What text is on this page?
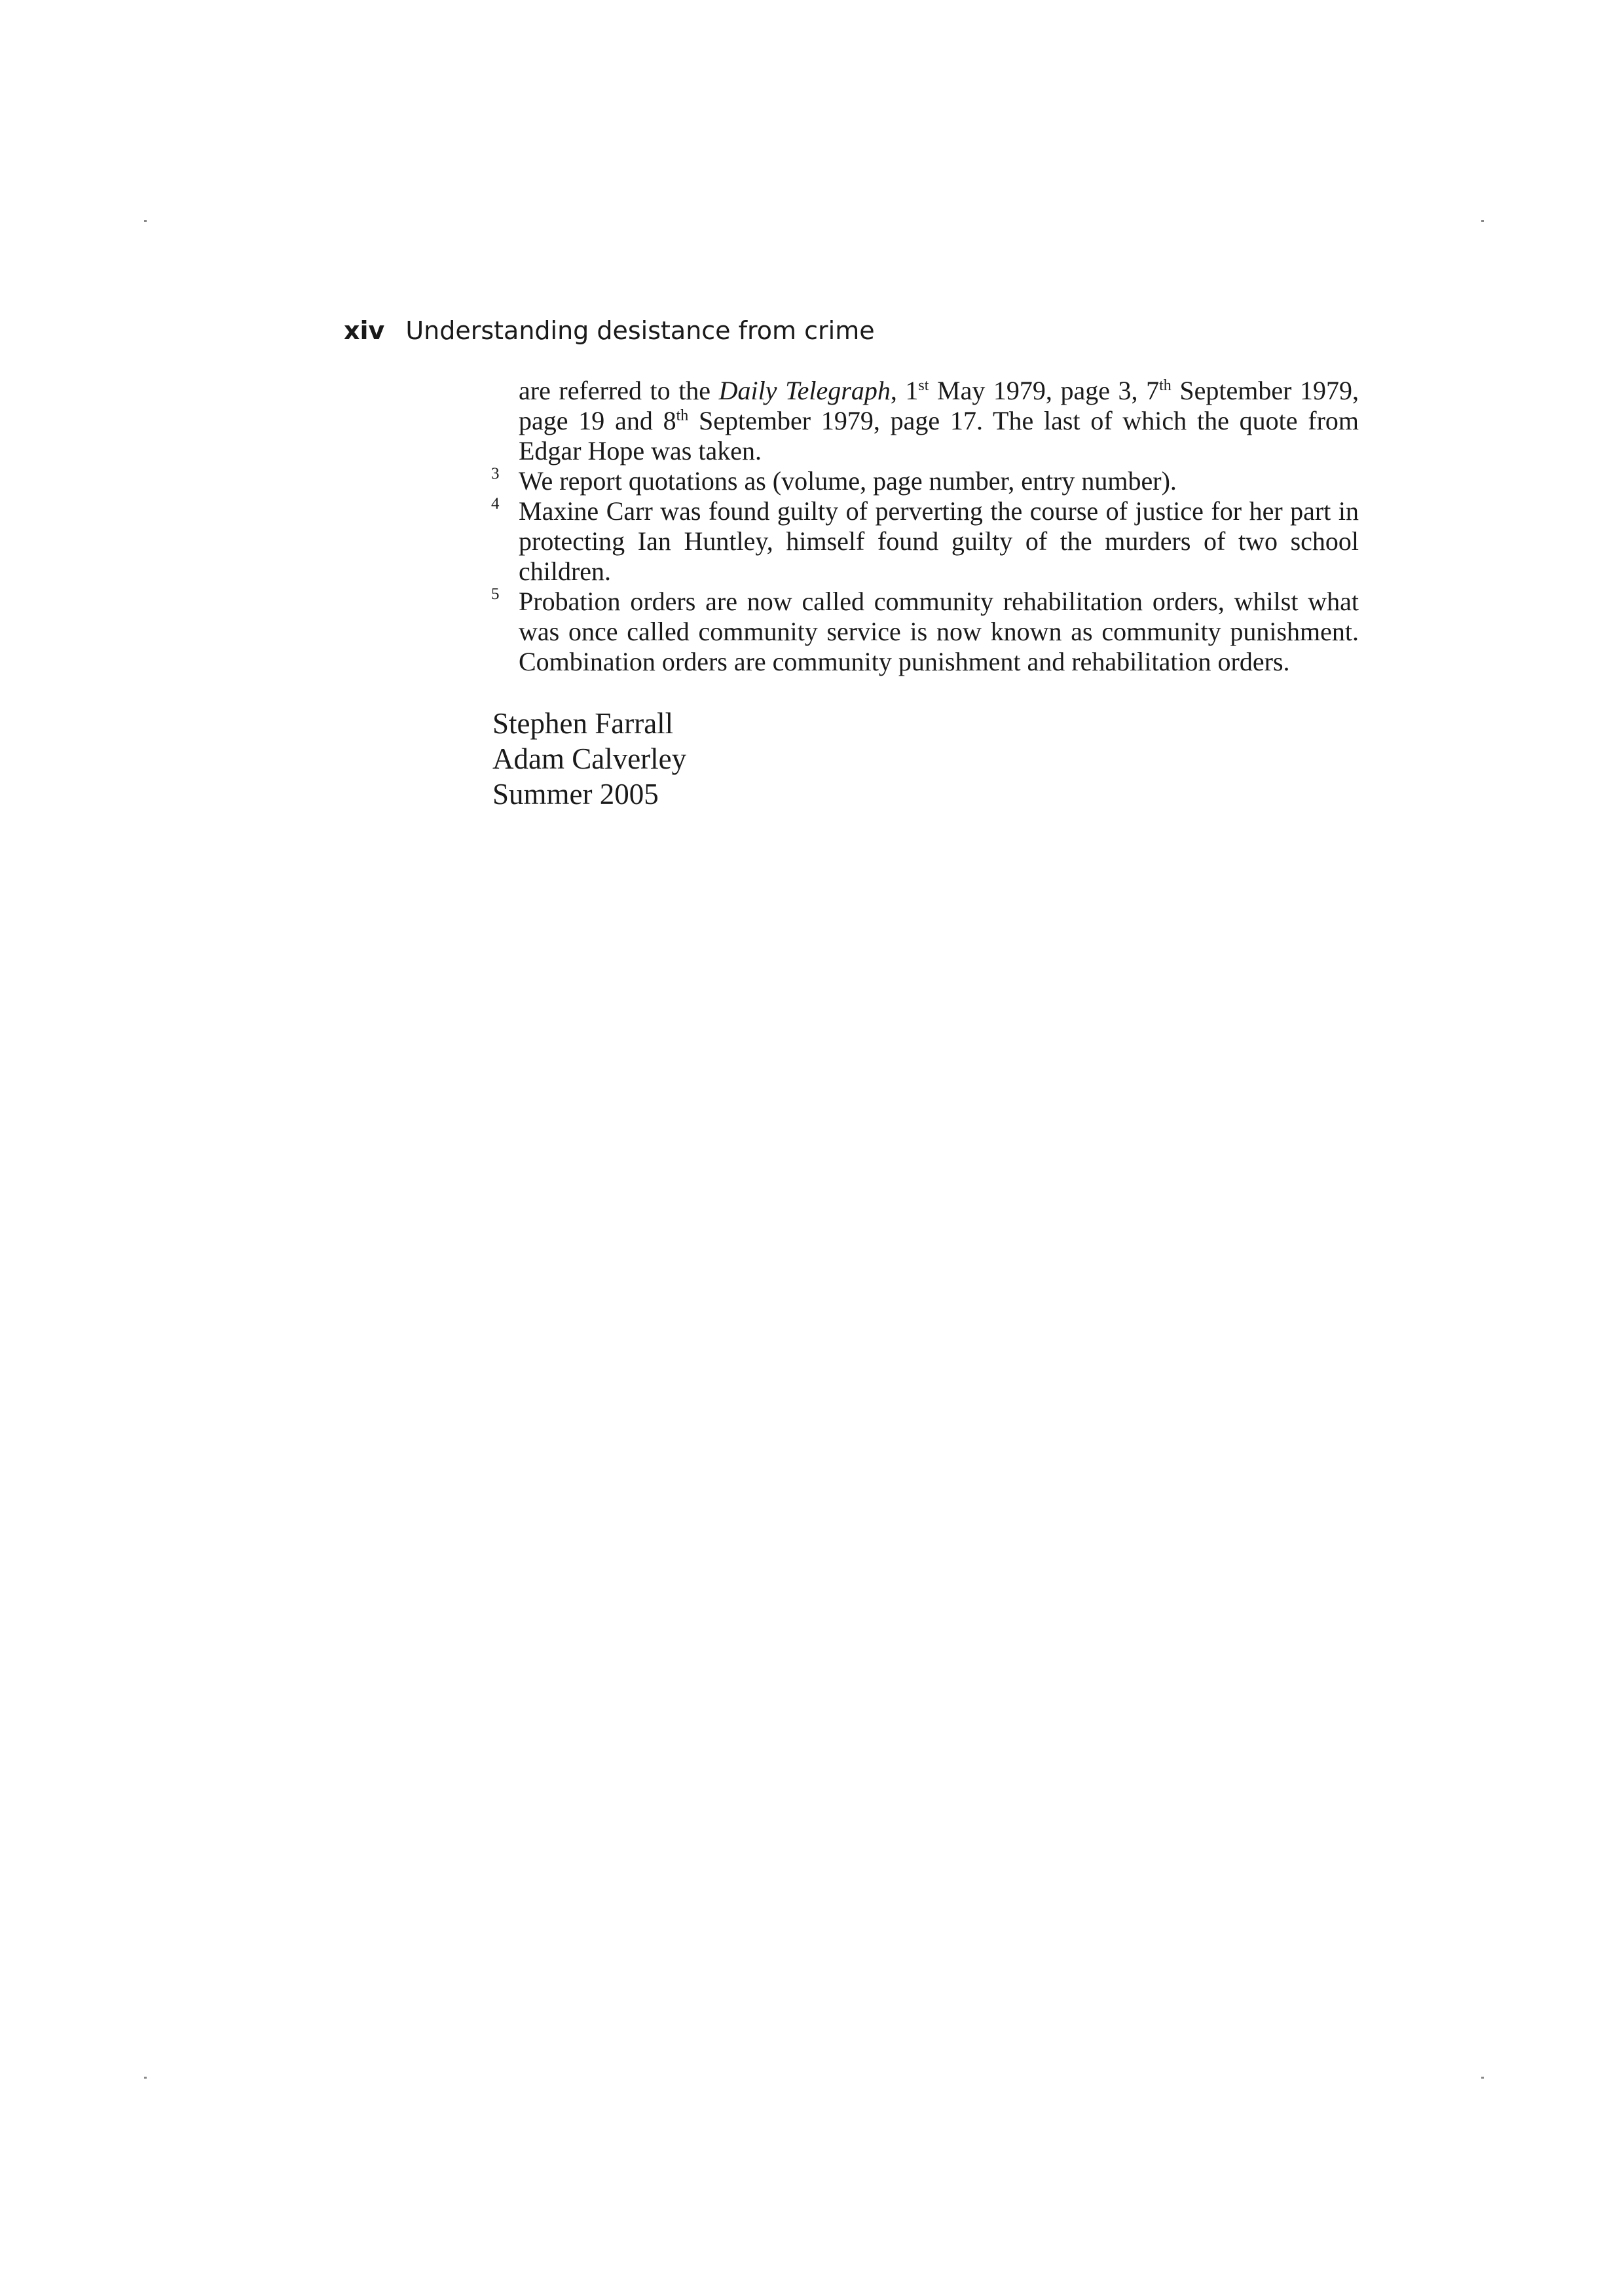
xiv Understanding desistance from crime
are referred to the Daily Telegraph, 1st May 1979, page 3, 7th September 1979, page 19 and 8th September 1979, page 17. The last of which the quote from Edgar Hope was taken.
3 We report quotations as (volume, page number, entry number).
4 Maxine Carr was found guilty of perverting the course of justice for her part in protecting Ian Huntley, himself found guilty of the murders of two school children.
5 Probation orders are now called community rehabilitation orders, whilst what was once called community service is now known as community punishment. Combination orders are community punishment and rehabilitation orders.
Stephen Farrall
Adam Calverley
Summer 2005
